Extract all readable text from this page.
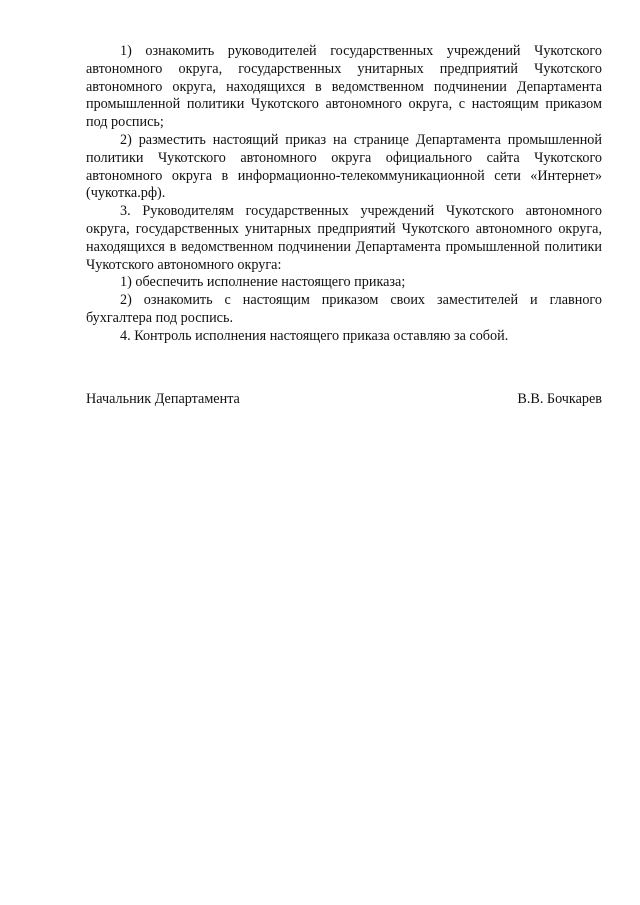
1) ознакомить руководителей государственных учреждений Чукотского автономного округа, государственных унитарных предприятий Чукотского автономного округа, находящихся в ведомственном подчинении Департамента промышленной политики Чукотского автономного округа, с настоящим приказом под роспись;

2) разместить настоящий приказ на странице Департамента промышленной политики Чукотского автономного округа официального сайта Чукотского автономного округа в информационно-телекоммуникационной сети «Интернет» (чукотка.рф).

3. Руководителям государственных учреждений Чукотского автономного округа, государственных унитарных предприятий Чукотского автономного округа, находящихся в ведомственном подчинении Департамента промышленной политики Чукотского автономного округа:

1) обеспечить исполнение настоящего приказа;

2) ознакомить с настоящим приказом своих заместителей и главного бухгалтера под роспись.

4. Контроль исполнения настоящего приказа оставляю за собой.

Начальник Департамента	В.В. Бочкарев
